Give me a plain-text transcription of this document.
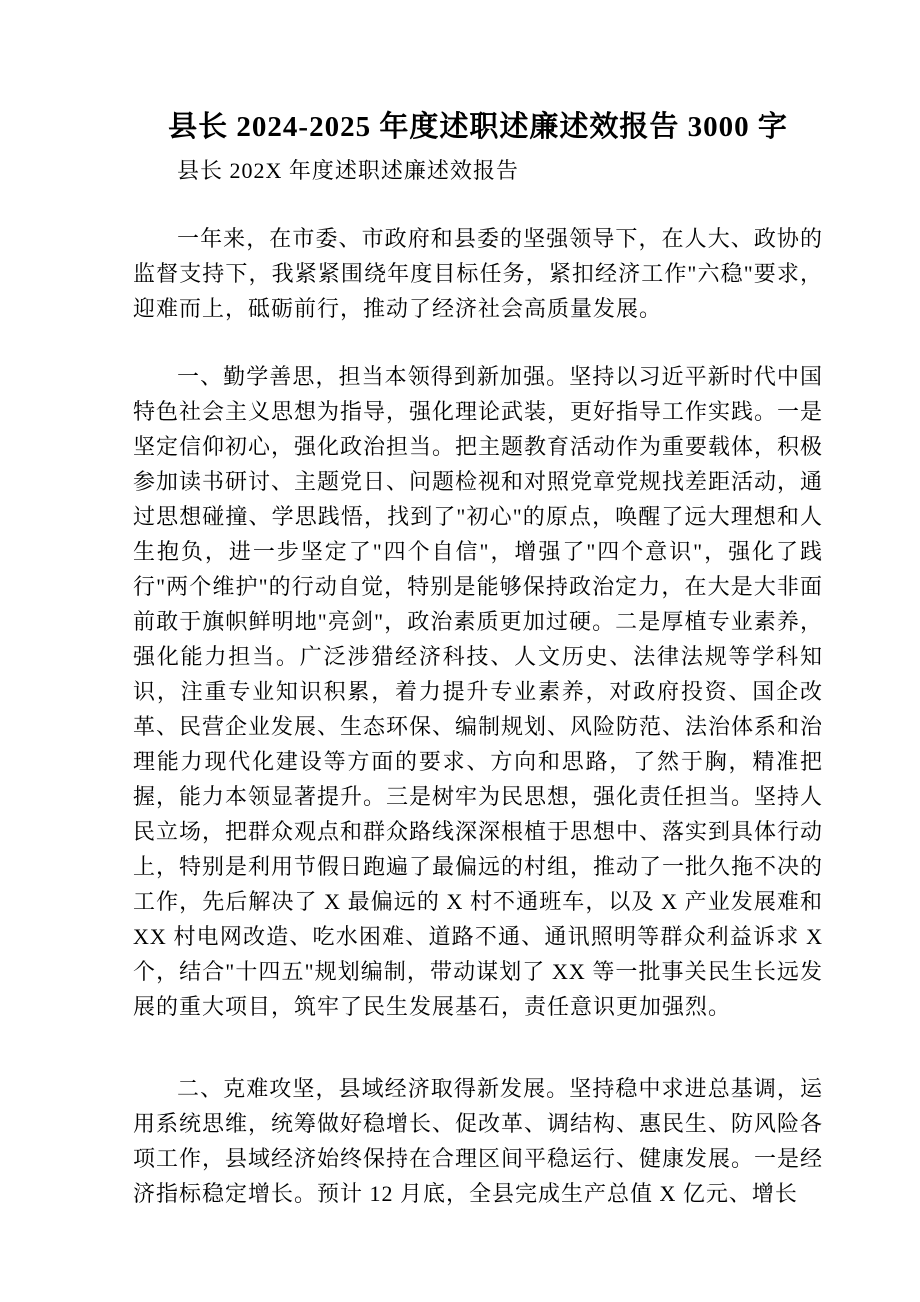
县长 2024-2025 年度述职述廉述效报告 3000 字

县长 202X 年度述职述廉述效报告

一年来，在市委、市政府和县委的坚强领导下，在人大、政协的监督支持下，我紧紧围绕年度目标任务，紧扣经济工作"六稳"要求，迎难而上，砥砺前行，推动了经济社会高质量发展。

一、勤学善思，担当本领得到新加强。坚持以习近平新时代中国特色社会主义思想为指导，强化理论武装，更好指导工作实践。一是坚定信仰初心，强化政治担当。把主题教育活动作为重要载体，积极参加读书研讨、主题党日、问题检视和对照党章党规找差距活动，通过思想碰撞、学思践悟，找到了"初心"的原点，唤醒了远大理想和人生抱负，进一步坚定了"四个自信"，增强了"四个意识"，强化了践行"两个维护"的行动自觉，特别是能够保持政治定力，在大是大非面前敢于旗帜鲜明地"亮剑"，政治素质更加过硬。二是厚植专业素养，强化能力担当。广泛涉猎经济科技、人文历史、法律法规等学科知识，注重专业知识积累，着力提升专业素养，对政府投资、国企改革、民营企业发展、生态环保、编制规划、风险防范、法治体系和治理能力现代化建设等方面的要求、方向和思路，了然于胸，精准把握，能力本领显著提升。三是树牢为民思想，强化责任担当。坚持人民立场，把群众观点和群众路线深深根植于思想中、落实到具体行动上，特别是利用节假日跑遍了最偏远的村组，推动了一批久拖不决的工作，先后解决了 X 最偏远的 X 村不通班车，以及 X 产业发展难和 XX 村电网改造、吃水困难、道路不通、通讯照明等群众利益诉求 X 个，结合"十四五"规划编制，带动谋划了 XX 等一批事关民生长远发展的重大项目，筑牢了民生发展基石，责任意识更加强烈。

二、克难攻坚，县域经济取得新发展。坚持稳中求进总基调，运用系统思维，统筹做好稳增长、促改革、调结构、惠民生、防风险各项工作，县域经济始终保持在合理区间平稳运行、健康发展。一是经济指标稳定增长。预计 12 月底，全县完成生产总值 X 亿元、增长
